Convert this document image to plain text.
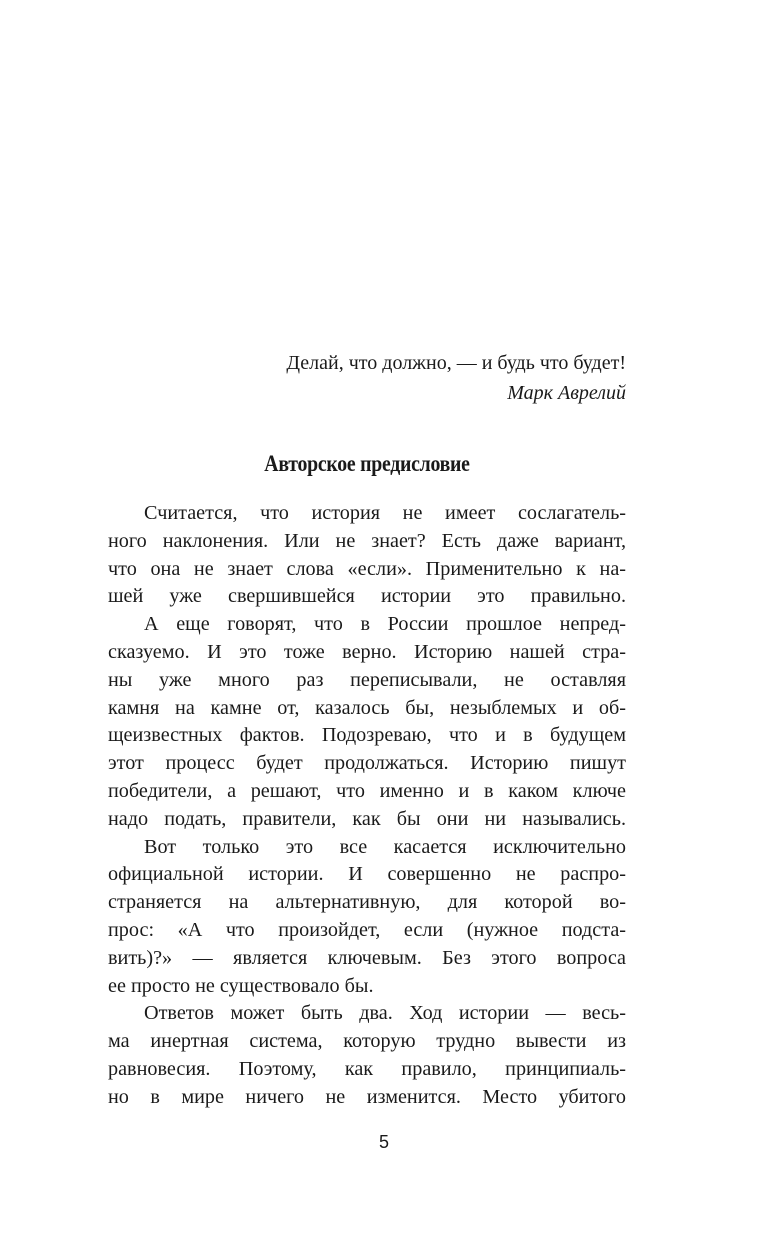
Делай, что должно, — и будь что будет!

Марк Аврелий

Авторское предисловие

Считается, что история не имеет сослагатель-
ного наклонения. Или не знает? Есть даже вариант,
что она не знает слова «если». Применительно к на-
шей уже свершившейся истории это правильно.

А еще говорят, что в России прошлое непред-
сказуемо. И это тоже верно. Историю нашей стра-
ны уже много раз переписывали, не оставляя
камня на камне от, казалось бы, незыблемых и об-
щеизвестных фактов. Подозреваю, что и в будущем
этот процесс будет продолжаться. Историю пишут
победители, а решают, что именно и в каком ключе
надо подать, правители, как бы они ни назывались.

Вот только это все касается исключительно
официальной истории. И совершенно не распро-
страняется на альтернативную, для которой во-
прос: «А что произойдет, если (нужное подста-
вить)?» — является ключевым. Без этого вопроса
ее просто не существовало бы.

Ответов может быть два. Ход истории — весь-
ма инертная система, которую трудно вывести из
равновесия. Поэтому, как правило, принципиаль-
но в мире ничего не изменится. Место убитого

5
